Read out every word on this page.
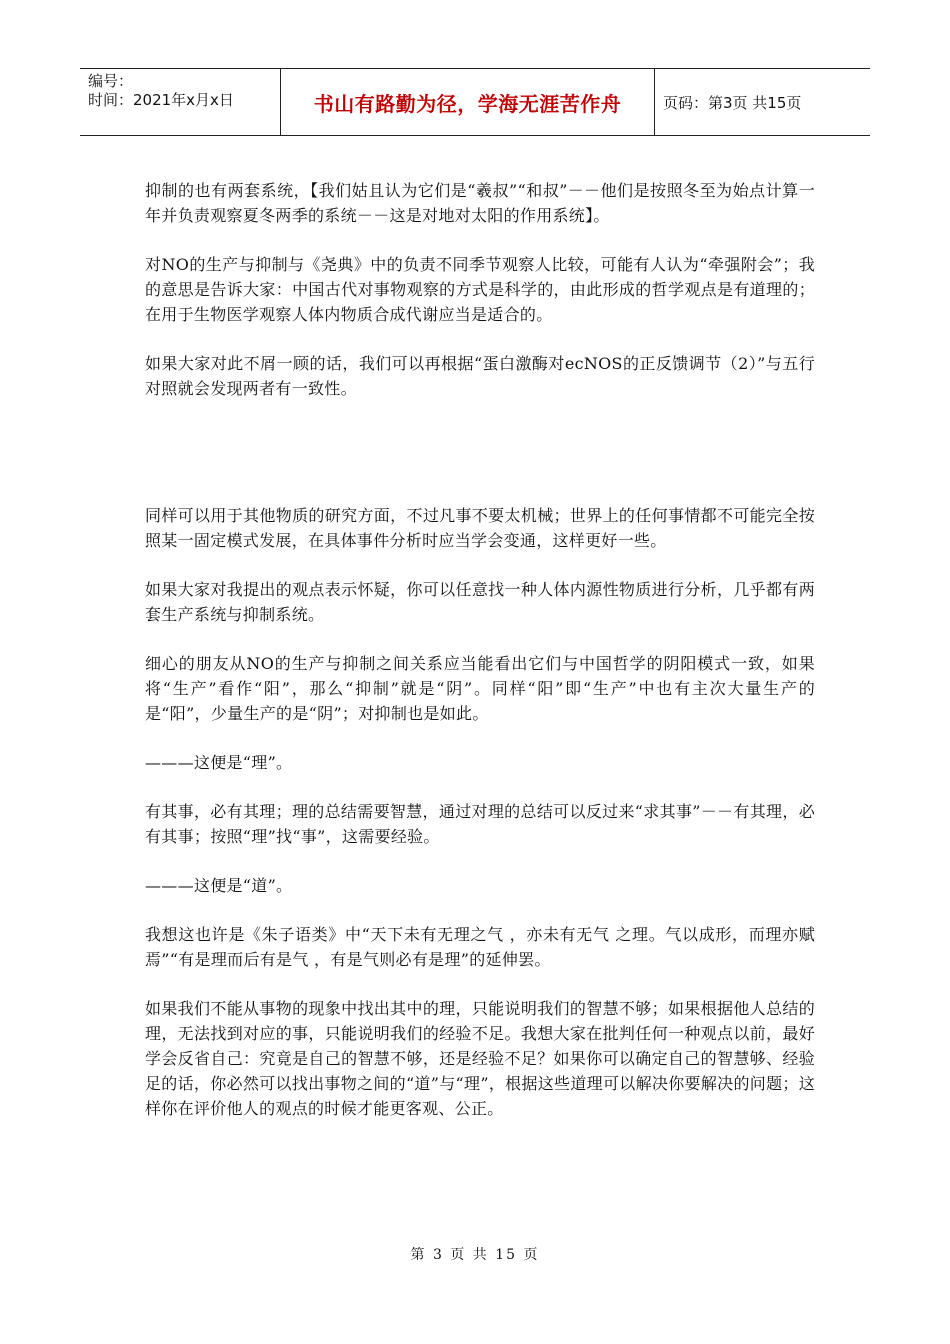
编号：
时间：2021年x月x日	书山有路勤为径，学海无涯苦作舟	页码：第3页 共15页

抑制的也有两套系统，【我们姑且认为它们是“羲叔”“和叔”－－他们是按照冬至为始点计算一年并负责观察夏冬两季的系统－－这是对地对太阳的作用系统】。

对NO的生产与抑制与《尧典》中的负责不同季节观察人比较，可能有人认为“牵强附会”；我的意思是告诉大家：中国古代对事物观察的方式是科学的，由此形成的哲学观点是有道理的；在用于生物医学观察人体内物质合成代谢应当是适合的。

如果大家对此不屑一顾的话，我们可以再根据“蛋白激酶对ecNOS的正反馈调节（2）”与五行对照就会发现两者有一致性。

同样可以用于其他物质的研究方面，不过凡事不要太机械；世界上的任何事情都不可能完全按照某一固定模式发展，在具体事件分析时应当学会变通，这样更好一些。

如果大家对我提出的观点表示怀疑，你可以任意找一种人体内源性物质进行分析，几乎都有两套生产系统与抑制系统。

细心的朋友从NO的生产与抑制之间关系应当能看出它们与中国哲学的阴阳模式一致，如果将“生产”看作“阳”，那么“抑制”就是“阴”。同样“阳”即“生产”中也有主次大量生产的是“阳”，少量生产的是“阴”；对抑制也是如此。

———这便是“理”。

有其事，必有其理；理的总结需要智慧，通过对理的总结可以反过来“求其事”－－有其理，必有其事；按照“理”找“事”，这需要经验。

———这便是“道”。

我想这也许是《朱子语类》中“天下未有无理之气 ，亦未有无气 之理。气以成形，而理亦赋焉”“有是理而后有是气 ，有是气则必有是理”的延伸罢。

如果我们不能从事物的现象中找出其中的理，只能说明我们的智慧不够；如果根据他人总结的理，无法找到对应的事，只能说明我们的经验不足。我想大家在批判任何一种观点以前，最好学会反省自己：究竟是自己的智慧不够，还是经验不足？如果你可以确定自己的智慧够、经验足的话，你必然可以找出事物之间的“道”与“理”，根据这些道理可以解决你要解决的问题；这样你在评价他人的观点的时候才能更客观、公正。

第 3 页 共 15 页
